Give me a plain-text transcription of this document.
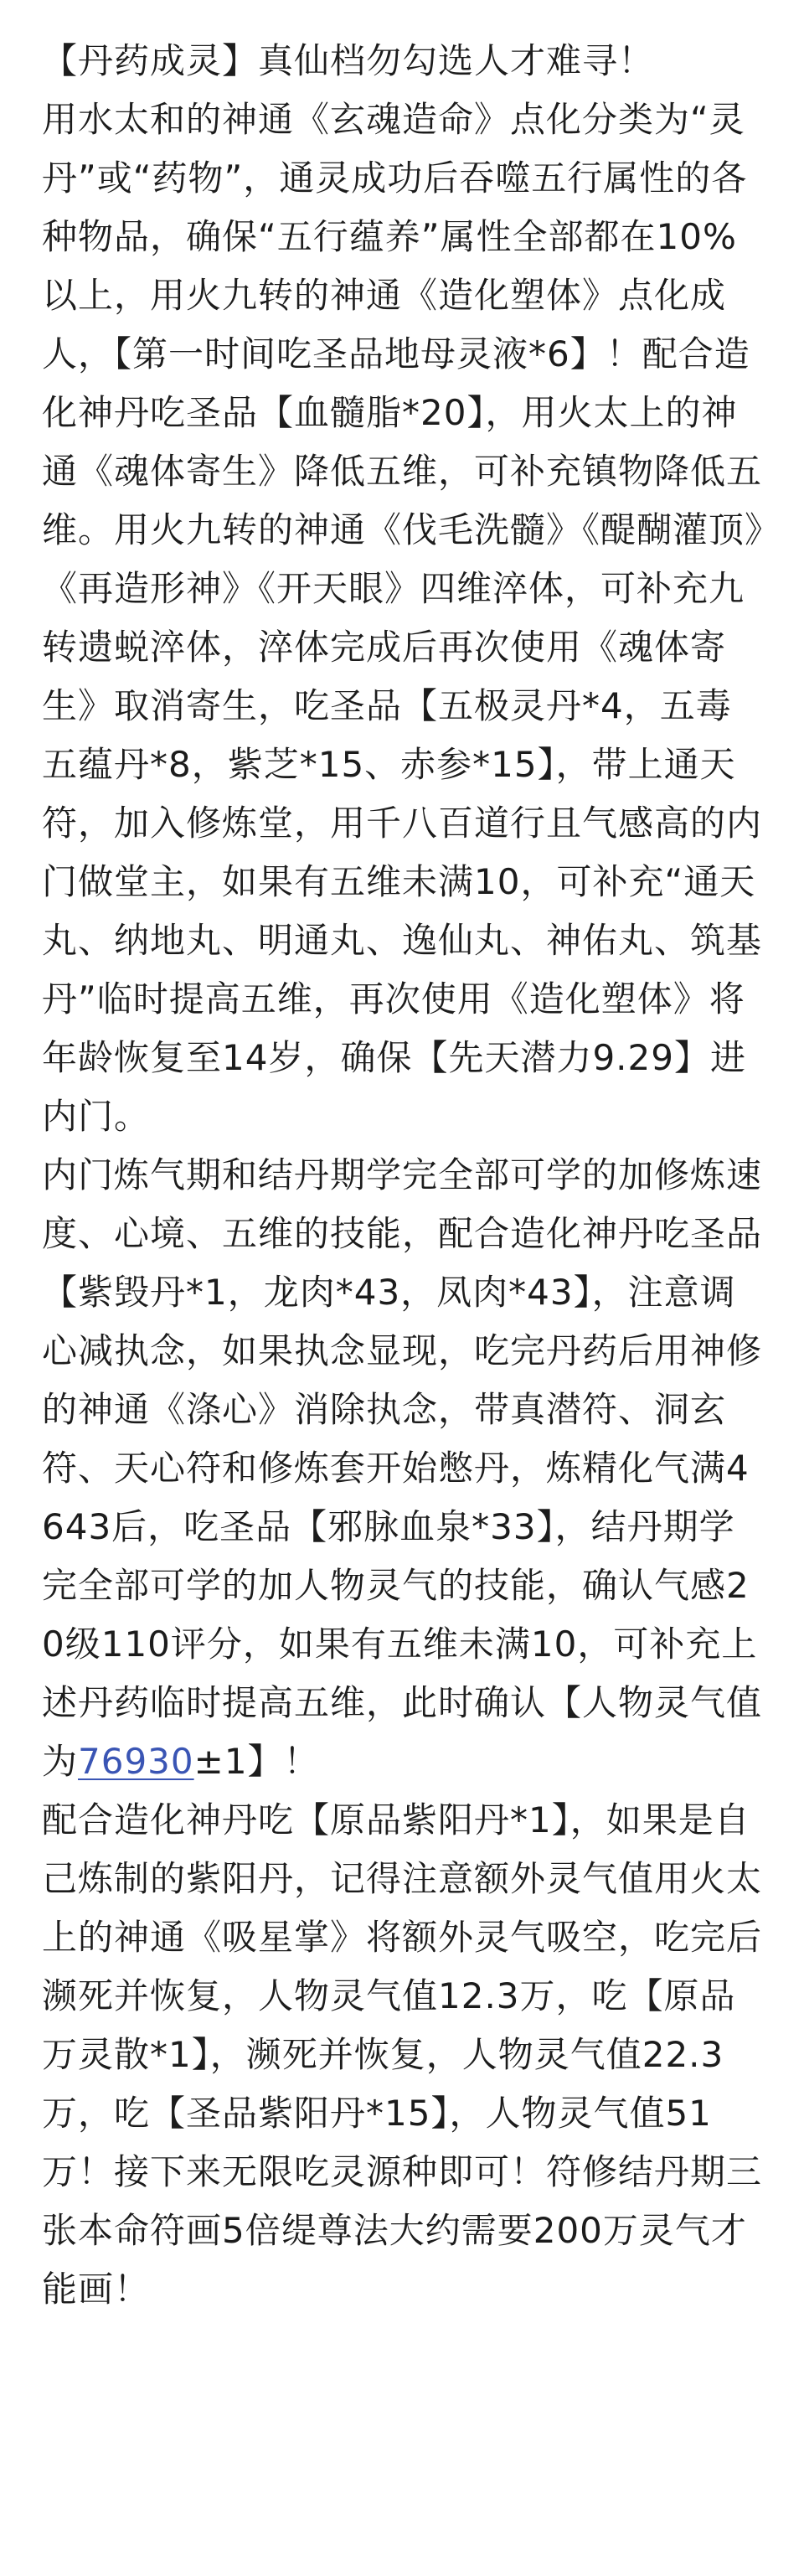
【丹药成灵】真仙档勿勾选人才难寻！
用水太和的神通《玄魂造命》点化分类为“灵丹”或“药物”，通灵成功后吞噬五行属性的各种物品，确保“五行蕴养”属性全部都在10%以上，用火九转的神通《造化塑体》点化成人，【第一时间吃圣品地母灵液*6】！配合造化神丹吃圣品【血髓脂*20】，用火太上的神通《魂体寄生》降低五维，可补充镇物降低五维。用火九转的神通《伐毛洗髓》《醍醐灌顶》《再造形神》《开天眼》四维淬体，可补充九转遗蜕淬体，淬体完成后再次使用《魂体寄生》取消寄生，吃圣品【五极灵丹*4，五毒五蕴丹*8，紫芝*15、赤参*15】，带上通天符，加入修炼堂，用千八百道行且气感高的内门做堂主，如果有五维未满10，可补充“通天丸、纳地丸、明通丸、逸仙丸、神佑丸、筑基丹”临时提高五维，再次使用《造化塑体》将年龄恢复至14岁，确保【先天潜力9.29】进内门。

内门炼气期和结丹期学完全部可学的加修炼速度、心境、五维的技能，配合造化神丹吃圣品【紫毁丹*1，龙肉*43，凤肉*43】，注意调心减执念，如果执念显现，吃完丹药后用神修的神通《涤心》消除执念，带真潜符、洞玄符、天心符和修炼套开始憋丹，炼精化气满4643后，吃圣品【邪脉血泉*33】，结丹期学完全部可学的加人物灵气的技能，确认气感20级110评分，如果有五维未满10，可补充上述丹药临时提高五维，此时确认【人物灵气值为76930±1】！

配合造化神丹吃【原品紫阳丹*1】，如果是自己炼制的紫阳丹，记得注意额外灵气值用火太上的神通《吸星掌》将额外灵气吸空，吃完后濒死并恢复，人物灵气值12.3万，吃【原品万灵散*1】，濒死并恢复，人物灵气值22.3万，吃【圣品紫阳丹*15】，人物灵气值51万！接下来无限吃灵源种即可！符修结丹期三张本命符画5倍缇尊法大约需要200万灵气才能画！
